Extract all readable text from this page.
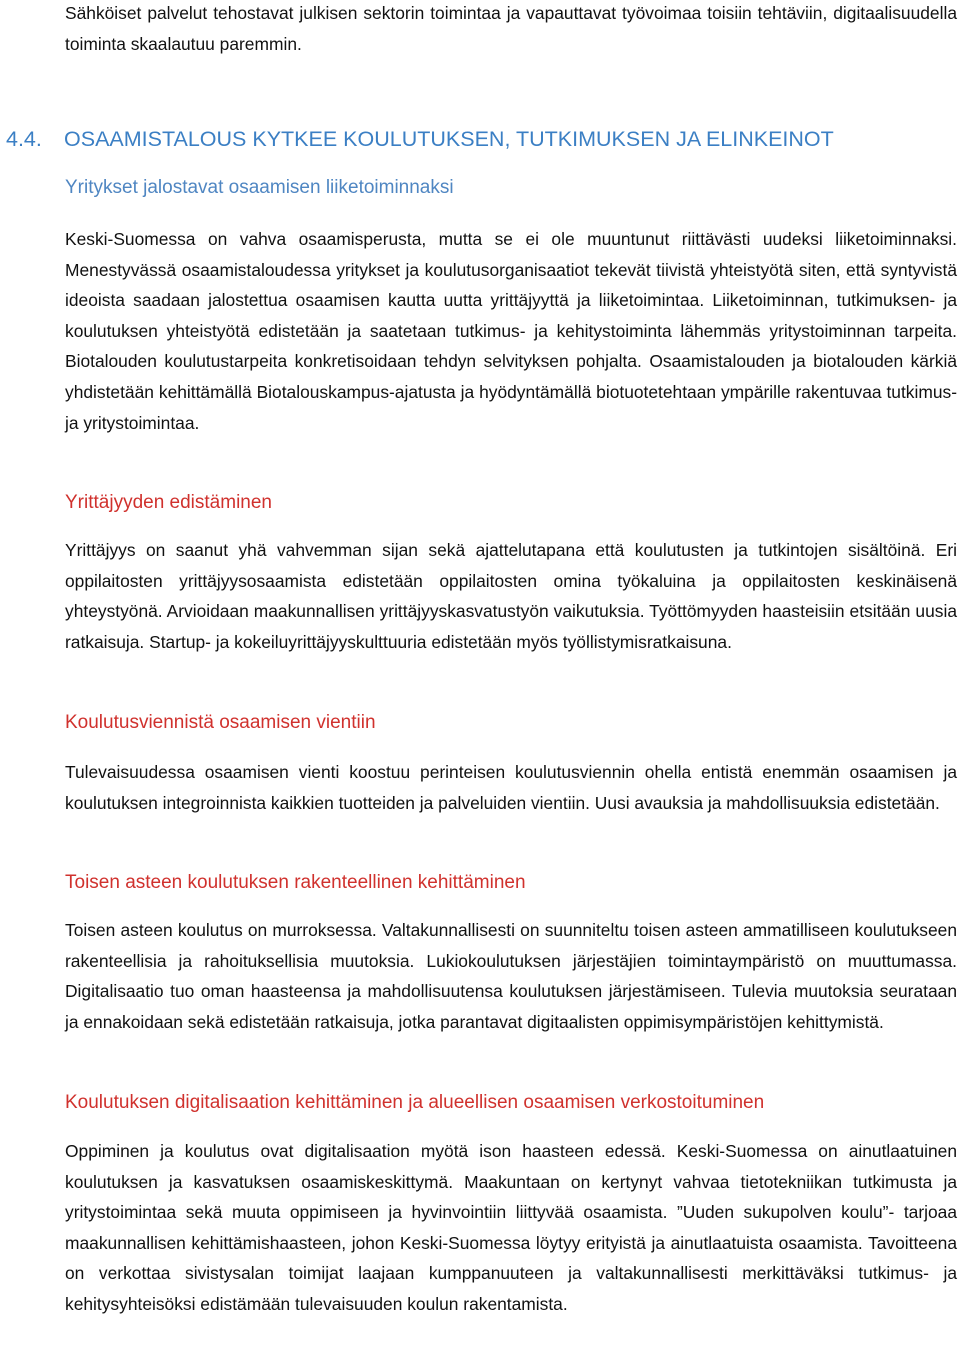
Sähköiset palvelut tehostavat julkisen sektorin toimintaa ja vapauttavat työvoimaa toisiin tehtäviin, digitaalisuudella toiminta skaalautuu paremmin.

4.4. OSAAMISTALOUS KYTKEE KOULUTUKSEN, TUTKIMUKSEN JA ELINKEINOT
Yritykset jalostavat osaamisen liiketoiminnaksi

Keski-Suomessa on vahva osaamisperusta, mutta se ei ole muuntunut riittävästi uudeksi liiketoiminnaksi. Menestyvässä osaamistaloudessa yritykset ja koulutusorganisaatiot tekevät tiivistä yhteistyötä siten, että syntyvistä ideoista saadaan jalostettua osaamisen kautta uutta yrittäjyyttä ja liiketoimintaa. Liiketoiminnan, tutkimuksen- ja koulutuksen yhteistyötä edistetään ja saatetaan tutkimus- ja kehitystoiminta lähemmäs yritystoiminnan tarpeita. Biotalouden koulutustarpeita konkretisoidaan tehdyn selvityksen pohjalta. Osaamistalouden ja biotalouden kärkiä yhdistetään kehittämällä Biotalouskampus-ajatusta ja hyödyntämällä biotuotetehtaan ympärille rakentuvaa tutkimus- ja yritystoimintaa.

Yrittäjyyden edistäminen

Yrittäjyys on saanut yhä vahvemman sijan sekä ajattelutapana että koulutusten ja tutkintojen sisältöinä. Eri oppilaitosten yrittäjyysosaamista edistetään oppilaitosten omina työkaluina ja oppilaitosten keskinäisenä yhteystyönä. Arvioidaan maakunnallisen yrittäjyyskasvatustyön vaikutuksia. Työttömyyden haasteisiin etsitään uusia ratkaisuja. Startup- ja kokeiluyrittäjyyskulttuuria edistetään myös työllistymisratkaisuna.

Koulutusviennistä osaamisen vientiin

Tulevaisuudessa osaamisen vienti koostuu perinteisen koulutusviennin ohella entistä enemmän osaamisen ja koulutuksen integroinnista kaikkien tuotteiden ja palveluiden vientiin. Uusi avauksia ja mahdollisuuksia edistetään.

Toisen asteen koulutuksen rakenteellinen kehittäminen

Toisen asteen koulutus on murroksessa. Valtakunnallisesti on suunniteltu toisen asteen ammatilliseen koulutukseen rakenteellisia ja rahoituksellisia muutoksia. Lukiokoulutuksen järjestäjien toimintaympäristö on muuttumassa. Digitalisaatio tuo oman haasteensa ja mahdollisuutensa koulutuksen järjestämiseen. Tulevia muutoksia seurataan ja ennakoidaan sekä edistetään ratkaisuja, jotka parantavat digitaalisten oppimisympäristöjen kehittymistä.

Koulutuksen digitalisaation kehittäminen ja alueellisen osaamisen verkostoituminen

Oppiminen ja koulutus ovat digitalisaation myötä ison haasteen edessä. Keski-Suomessa on ainutlaatuinen koulutuksen ja kasvatuksen osaamiskeskittymä. Maakuntaan on kertynyt vahvaa tietotekniikan tutkimusta ja yritystoimintaa sekä muuta oppimiseen ja hyvinvointiin liittyvää osaamista. ”Uuden sukupolven koulu”- tarjoaa maakunnallisen kehittämishaasteen, johon Keski-Suomessa löytyy erityistä ja ainutlaatuista osaamista. Tavoitteena on verkottaa sivistysalan toimijat laajaan kumppanuuteen ja valtakunnallisesti merkittäväksi tutkimus- ja kehitysyhteisöksi edistämään tulevaisuuden koulun rakentamista.
